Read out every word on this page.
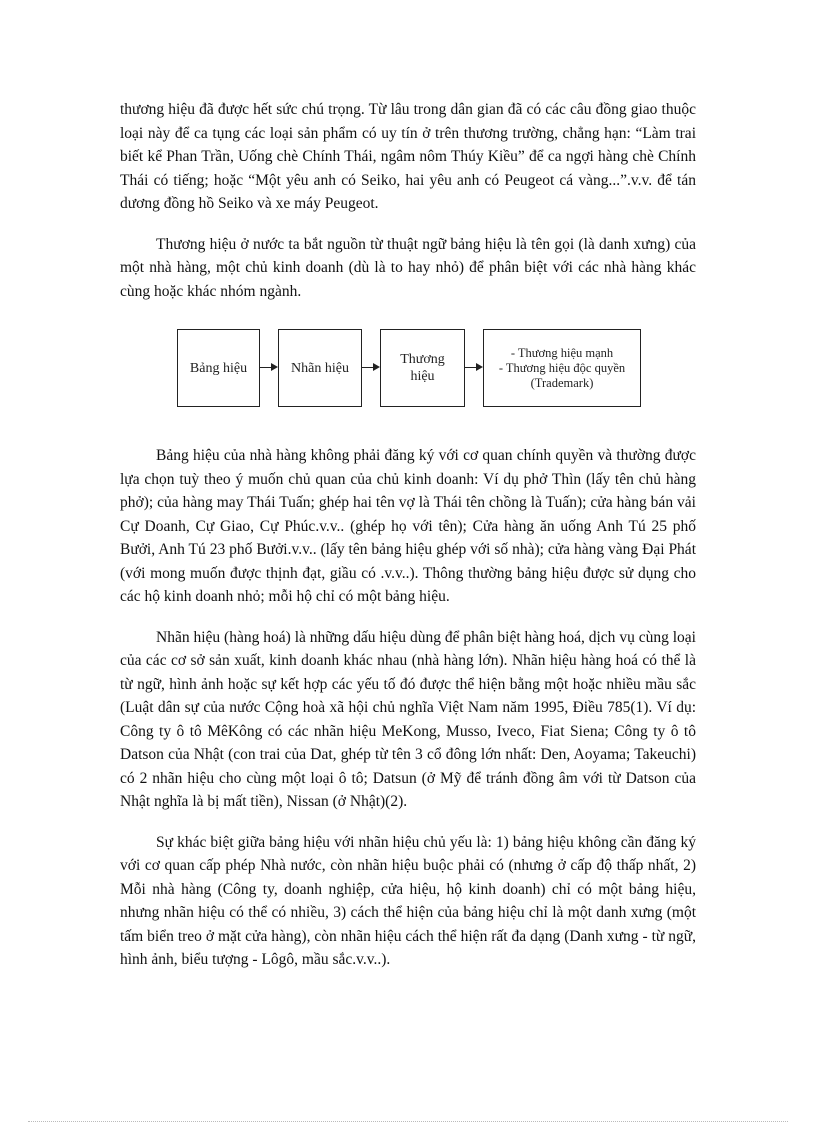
thương hiệu đã được hết sức chú trọng. Từ lâu trong dân gian đã có các câu đồng giao thuộc loại này để ca tụng các loại sản phẩm có uy tín ở trên thương trường, chẳng hạn: “Làm trai biết kể Phan Trần, Uống chè Chính Thái, ngâm nôm Thúy Kiều” để ca ngợi hàng chè Chính Thái có tiếng; hoặc “Một yêu anh có Seiko, hai yêu anh có Peugeot cá vàng...”.v.v. để tán dương đồng hồ Seiko và xe máy Peugeot.

Thương hiệu ở nước ta bắt nguồn từ thuật ngữ bảng hiệu là tên gọi (là danh xưng) của một nhà hàng, một chủ kinh doanh (dù là to hay nhỏ) để phân biệt với các nhà hàng khác cùng hoặc khác nhóm ngành.

Bảng hiệu	Nhãn hiệu
Thương hiệu
- Thương hiệu mạnh
- Thương hiệu độc quyền
(Trademark)

Bảng hiệu của nhà hàng không phải đăng ký với cơ quan chính quyền và thường được lựa chọn tuỳ theo ý muốn chủ quan của chủ kinh doanh: Ví dụ phở Thìn (lấy tên chủ hàng phở); của hàng may Thái Tuấn; ghép hai tên vợ là Thái tên chồng là Tuấn); cửa hàng bán vải Cự Doanh, Cự Giao, Cự Phúc.v.v.. (ghép họ với tên); Cửa hàng ăn uống Anh Tú 25 phố Bưởi, Anh Tú 23 phố Bưởi.v.v.. (lấy tên bảng hiệu ghép với số nhà); cửa hàng vàng Đại Phát (với mong muốn được thịnh đạt, giầu có .v.v..). Thông thường bảng hiệu được sử dụng cho các hộ kinh doanh nhỏ; mỗi hộ chỉ có một bảng hiệu.

Nhãn hiệu (hàng hoá) là những dấu hiệu dùng để phân biệt hàng hoá, dịch vụ cùng loại của các cơ sở sản xuất, kinh doanh khác nhau (nhà hàng lớn). Nhãn hiệu hàng hoá có thể là từ ngữ, hình ảnh hoặc sự kết hợp các yếu tố đó được thể hiện bằng một hoặc nhiều mầu sắc (Luật dân sự của nước Cộng hoà xã hội chủ nghĩa Việt Nam năm 1995, Điều 785(1). Ví dụ: Công ty ô tô MêKông có các nhãn hiệu MeKong, Musso, Iveco, Fiat Siena; Công ty ô tô Datson của Nhật (con trai của Dat, ghép từ tên 3 cổ đông lớn nhất: Den, Aoyama; Takeuchi) có 2 nhãn hiệu cho cùng một loại ô tô; Datsun (ở Mỹ để tránh đồng âm với từ Datson của Nhật nghĩa là bị mất tiền), Nissan (ở Nhật)(2).

Sự khác biệt giữa bảng hiệu với nhãn hiệu chủ yếu là: 1) bảng hiệu không cần đăng ký với cơ quan cấp phép Nhà nước, còn nhãn hiệu buộc phải có (nhưng ở cấp độ thấp nhất, 2) Mỗi nhà hàng (Công ty, doanh nghiệp, cửa hiệu, hộ kinh doanh) chỉ có một bảng hiệu, nhưng nhãn hiệu có thể có nhiều, 3) cách thể hiện của bảng hiệu chỉ là một danh xưng (một tấm biển treo ở mặt cửa hàng), còn nhãn hiệu cách thể hiện rất đa dạng (Danh xưng - từ ngữ, hình ảnh, biểu tượng - Lôgô, mầu sắc.v.v..).
